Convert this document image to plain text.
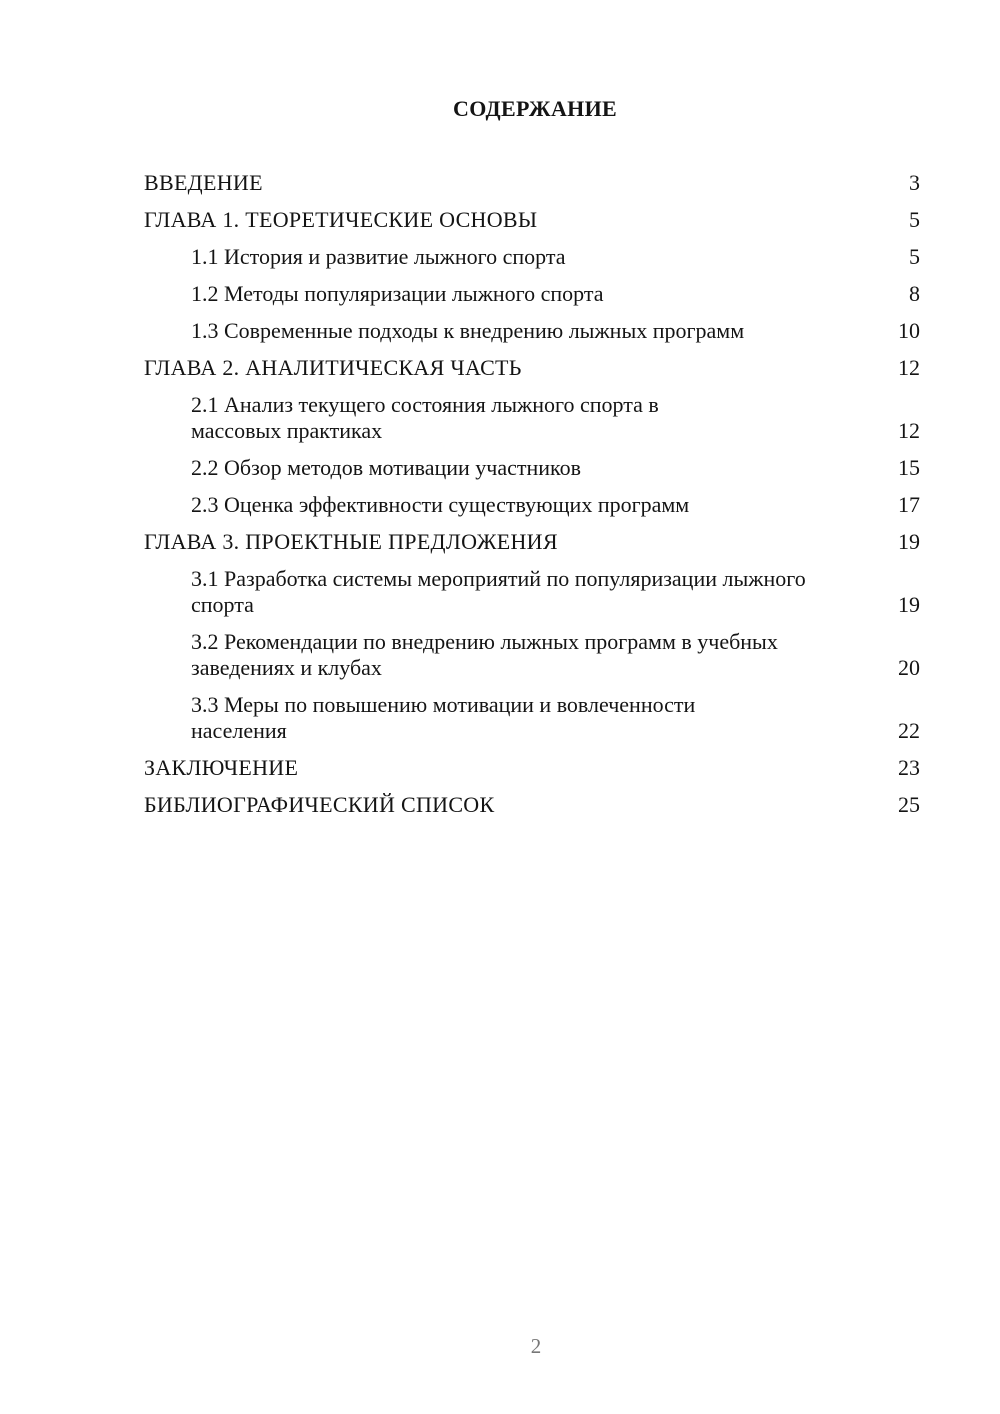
СОДЕРЖАНИЕ
ВВЕДЕНИЕ	3
ГЛАВА 1. ТЕОРЕТИЧЕСКИЕ ОСНОВЫ	5
1.1 История и развитие лыжного спорта	5
1.2 Методы популяризации лыжного спорта	8
1.3 Современные подходы к внедрению лыжных программ	10
ГЛАВА 2. АНАЛИТИЧЕСКАЯ ЧАСТЬ	12
2.1 Анализ текущего состояния лыжного спорта в массовых практиках	12
2.2 Обзор методов мотивации участников	15
2.3 Оценка эффективности существующих программ	17
ГЛАВА 3. ПРОЕКТНЫЕ ПРЕДЛОЖЕНИЯ	19
3.1 Разработка системы мероприятий по популяризации лыжного спорта	19
3.2 Рекомендации по внедрению лыжных программ в учебных заведениях и клубах	20
3.3 Меры по повышению мотивации и вовлеченности населения	22
ЗАКЛЮЧЕНИЕ	23
БИБЛИОГРАФИЧЕСКИЙ СПИСОК	25
2
